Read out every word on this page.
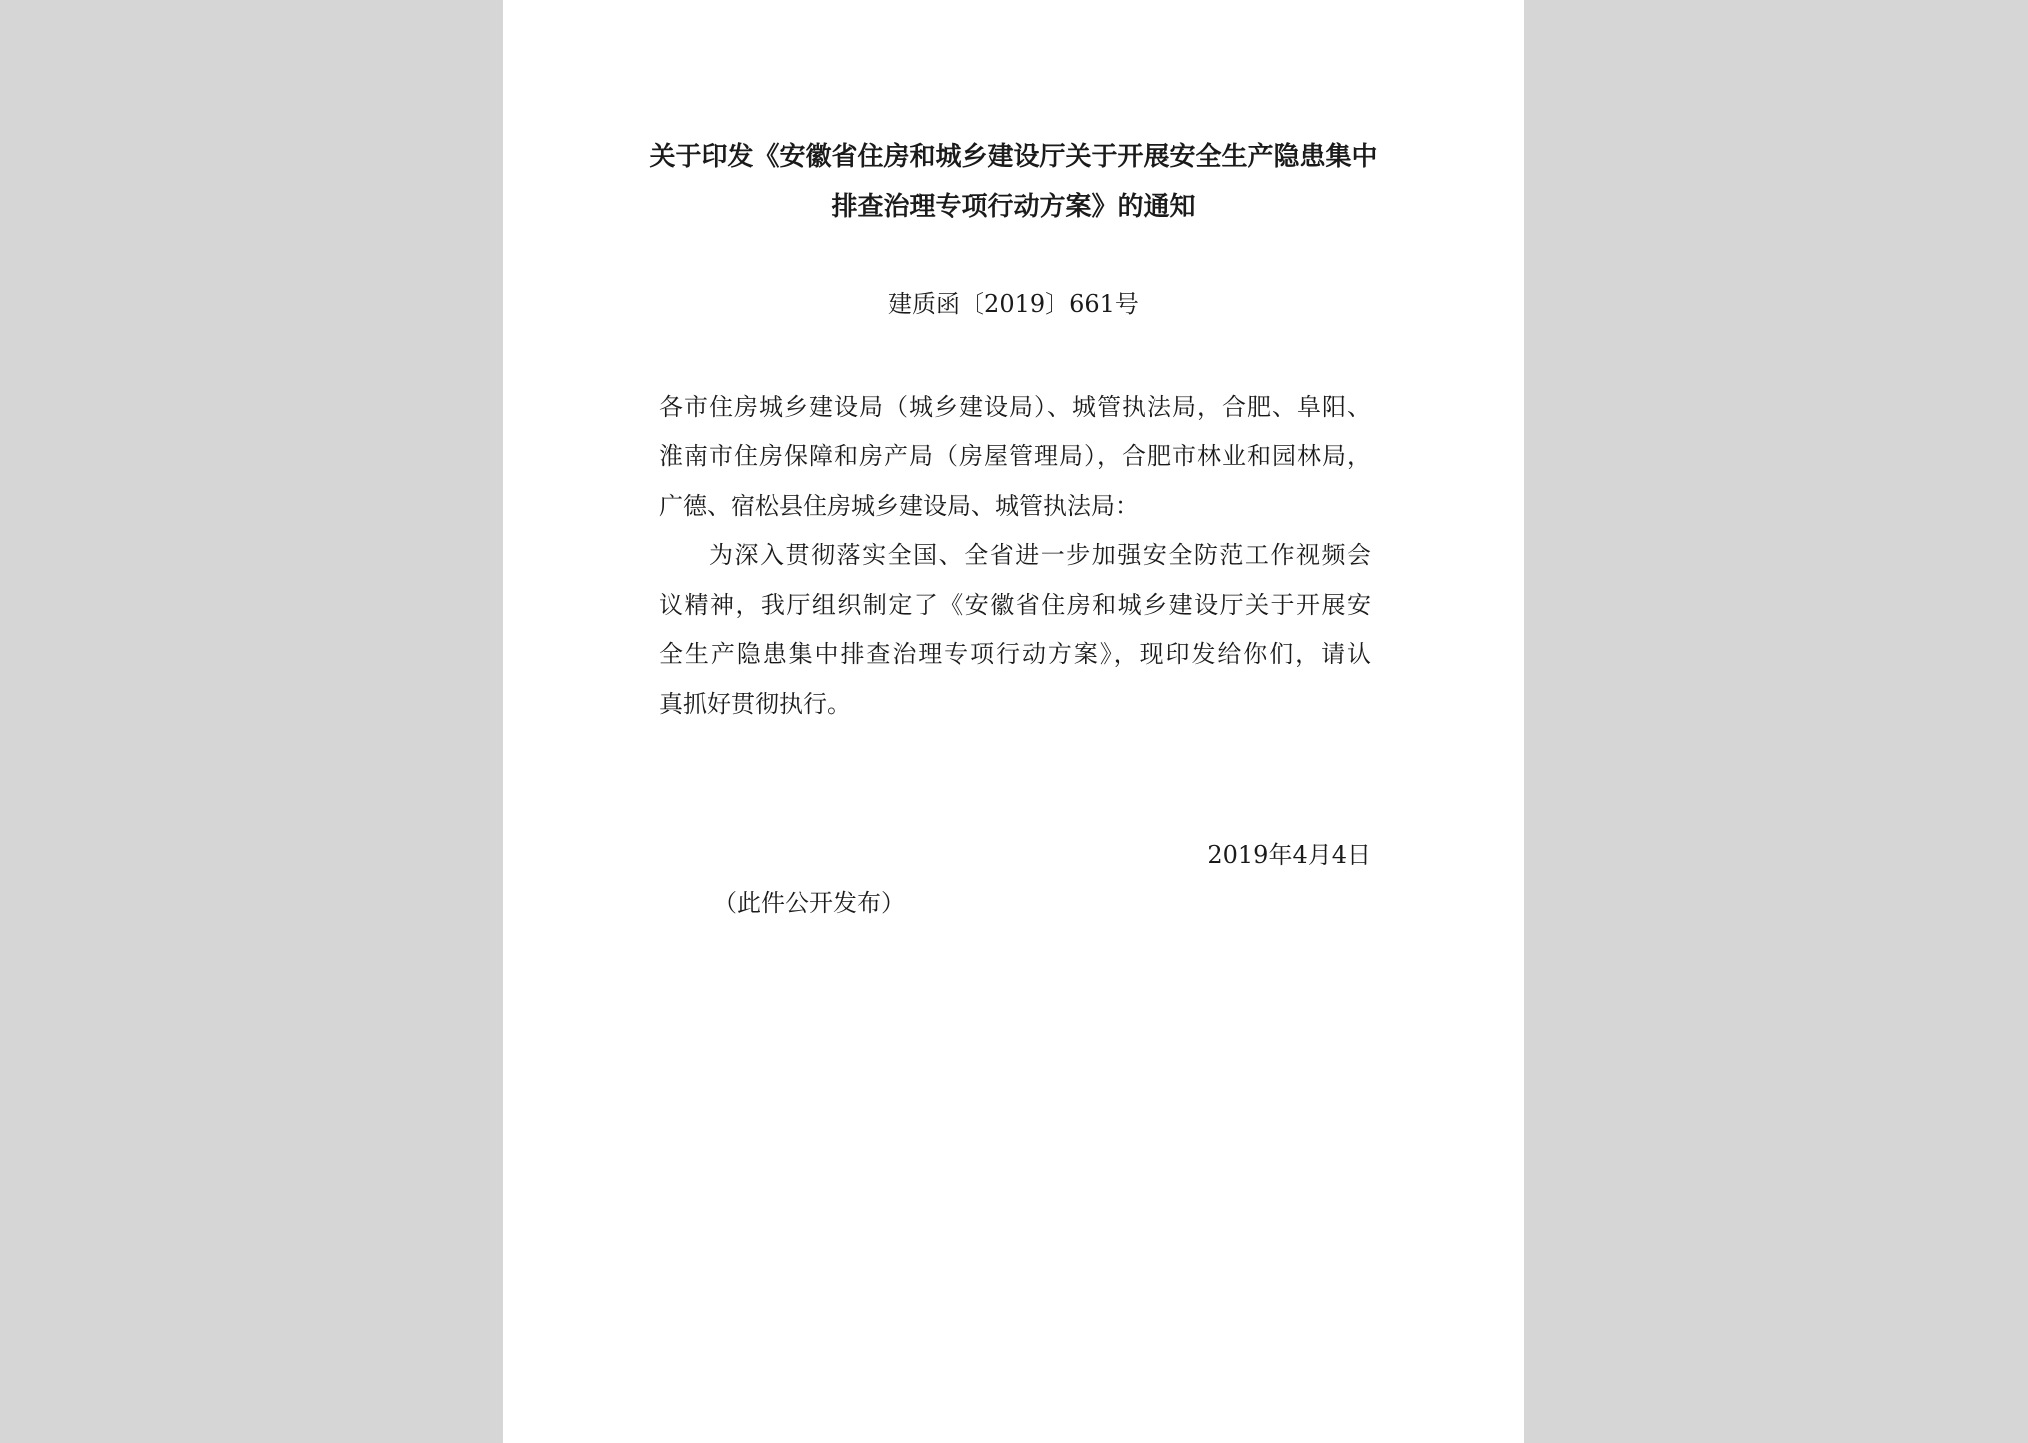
关于印发《安徽省住房和城乡建设厅关于开展安全生产隐患集中
排查治理专项行动方案》的通知
建质函〔2019〕661号
各市住房城乡建设局（城乡建设局）、城管执法局，合肥、阜阳、
淮南市住房保障和房产局（房屋管理局），合肥市林业和园林局，
广德、宿松县住房城乡建设局、城管执法局：
为深入贯彻落实全国、全省进一步加强安全防范工作视频会
议精神，我厅组织制定了《安徽省住房和城乡建设厅关于开展安
全生产隐患集中排查治理专项行动方案》，现印发给你们，请认
真抓好贯彻执行。
2019年4月4日
（此件公开发布）
